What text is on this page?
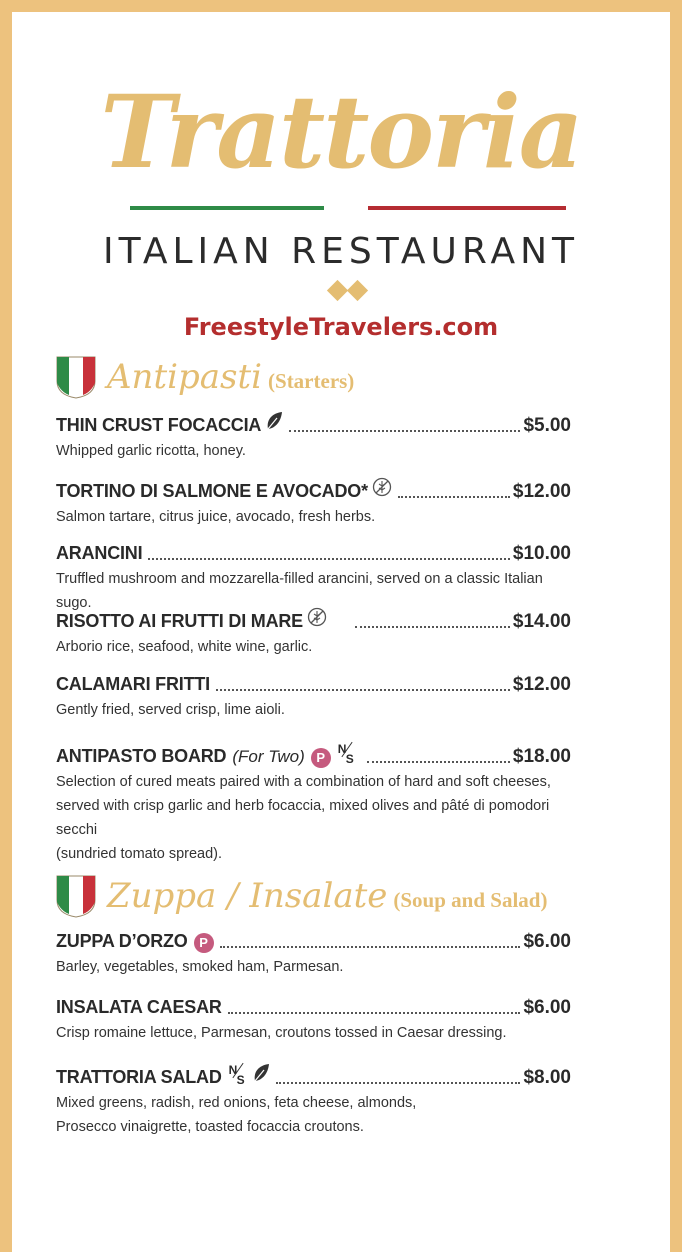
Trattoria
ITALIAN RESTAURANT
FreestyleTravelers.com
Antipasti (Starters)
THIN CRUST FOCACCIA	$5.00
Whipped garlic ricotta, honey.
TORTINO DI SALMONE E AVOCADO*	$12.00
Salmon tartare, citrus juice, avocado, fresh herbs.
ARANCINI	$10.00
Truffled mushroom and mozzarella-filled arancini, served on a classic Italian sugo.
RISOTTO AI FRUTTI DI MARE	$14.00
Arborio rice, seafood, white wine, garlic.
CALAMARI FRITTI	$12.00
Gently fried, served crisp, lime aioli.
ANTIPASTO BOARD (For Two) P
N
S	$18.00
Selection of cured meats paired with a combination of hard and soft cheeses,
served with crisp garlic and herb focaccia, mixed olives and pâté di pomodori secchi
(sundried tomato spread).
Zuppa / Insalate (Soup and Salad)
ZUPPA D’ORZO P	$6.00
Barley, vegetables, smoked ham, Parmesan.
INSALATA CAESAR	$6.00
Crisp romaine lettuce, Parmesan, croutons tossed in Caesar dressing.
TRATTORIA SALAD N
S	$8.00
Mixed greens, radish, red onions, feta cheese, almonds,
Prosecco vinaigrette, toasted focaccia croutons.
